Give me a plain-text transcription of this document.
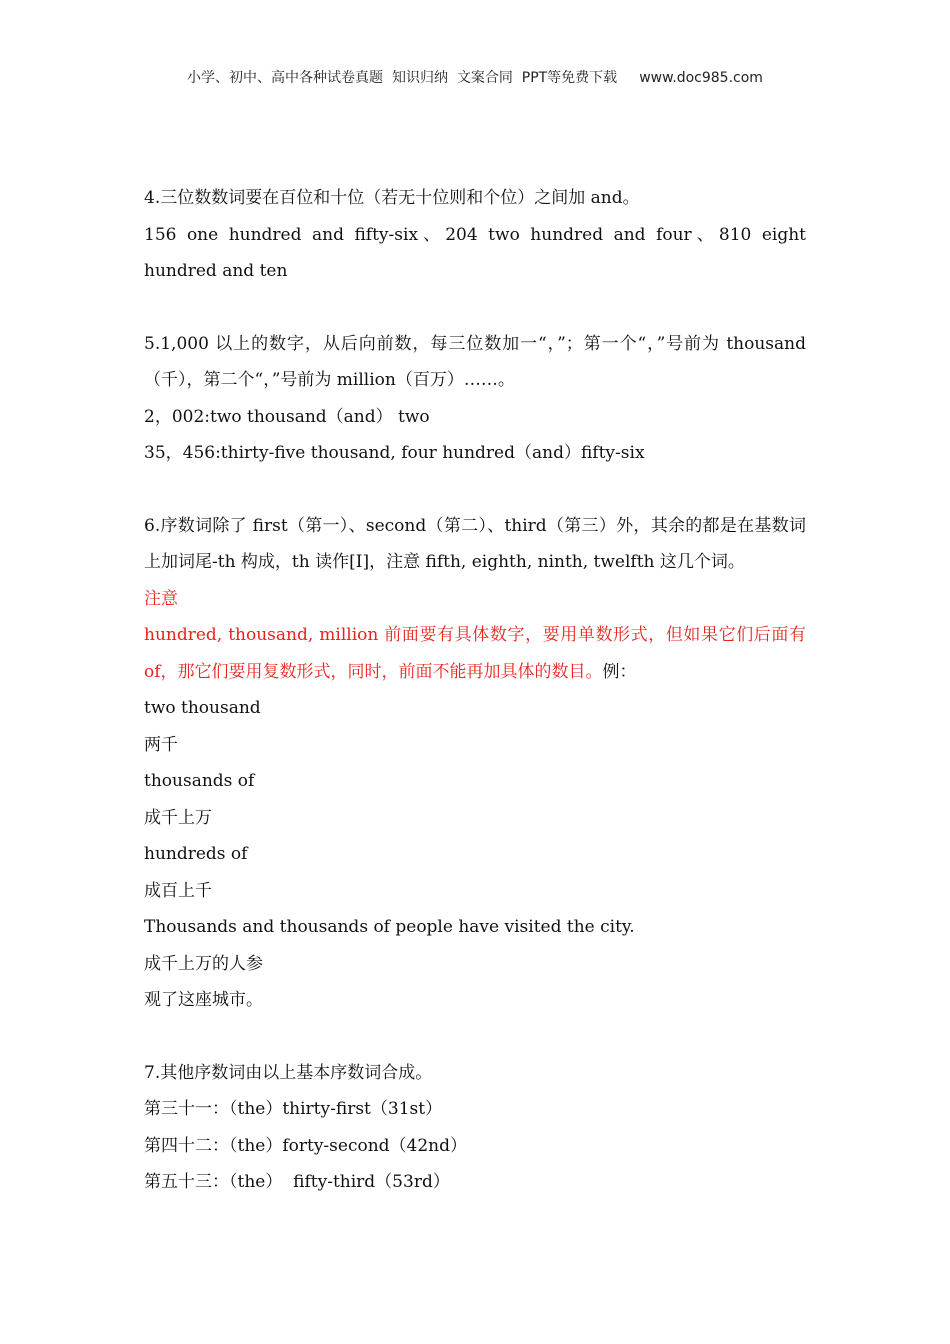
小学、初中、高中各种试卷真题  知识归纳  文案合同  PPT等免费下载 www.doc985.com

4.三位数数词要在百位和十位（若无十位则和个位）之间加 and。

156 one hundred and fifty-six、204 two hundred and four、810 eight hundred and ten

5.1,000 以上的数字，从后向前数，每三位数加一“，”；第一个“，”号前为 thousand（千），第二个“，”号前为 million（百万）……。

2，002:two thousand（and） two

35，456:thirty-five thousand, four hundred（and）fifty-six

6.序数词除了 first（第一）、second（第二）、third（第三）外，其余的都是在基数词上加词尾-th 构成，th 读作[I]，注意 fifth, eighth, ninth, twelfth 这几个词。

注意

hundred, thousand, million 前面要有具体数字，要用单数形式，但如果它们后面有 of，那它们要用复数形式，同时，前面不能再加具体的数目。例：

two thousand

两千

thousands of

成千上万

hundreds of

成百上千

Thousands and thousands of people have visited the city.

成千上万的人参

观了这座城市。

7.其他序数词由以上基本序数词合成。

第三十一：（the）thirty-first（31st）

第四十二：（the）forty-second（42nd）

第五十三：（the）  fifty-third（53rd）
